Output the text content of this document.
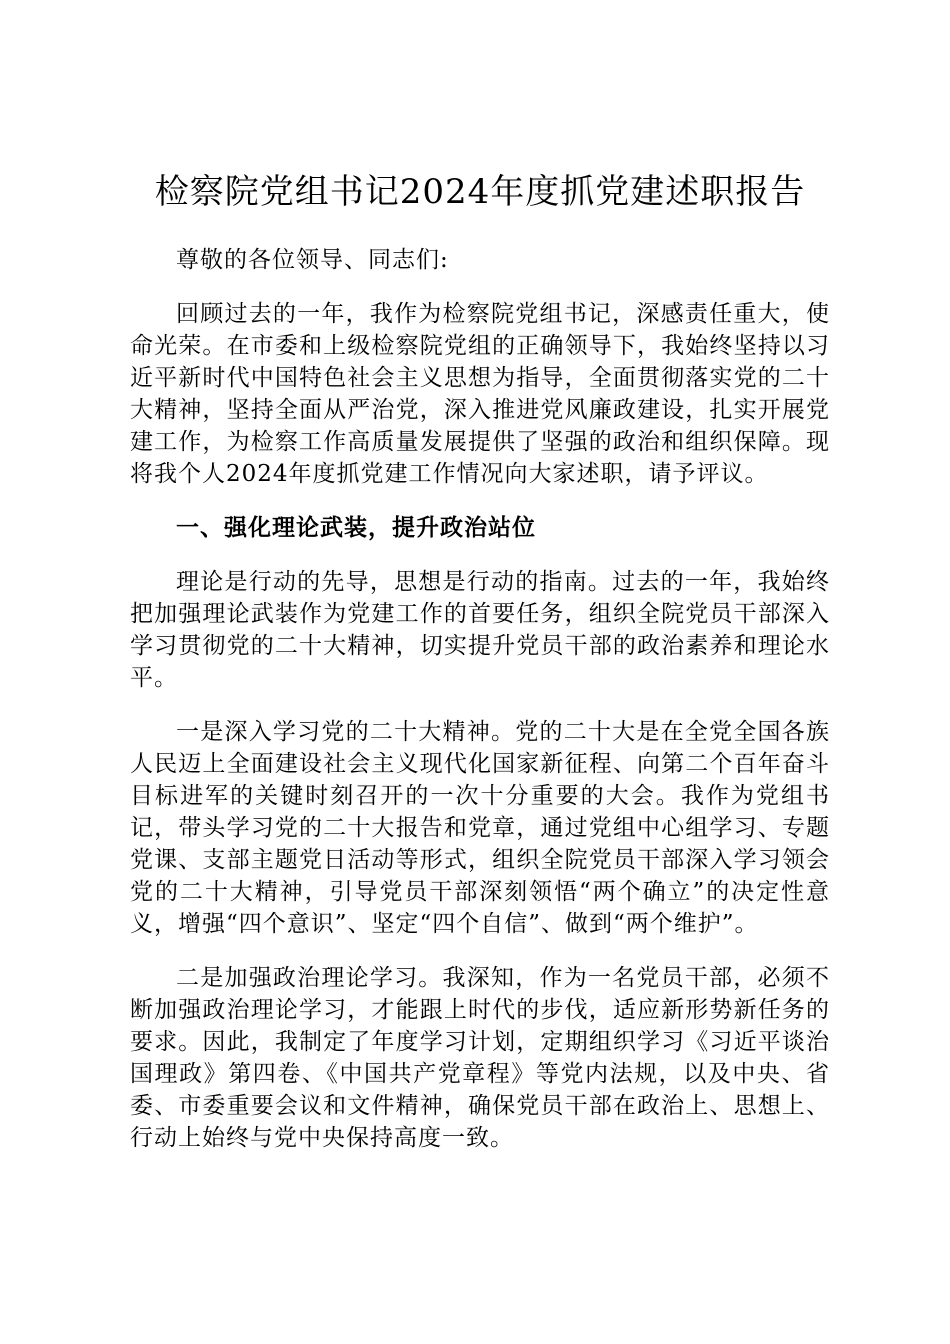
检察院党组书记2024年度抓党建述职报告

尊敬的各位领导、同志们:

回顾过去的一年，我作为检察院党组书记，深感责任重大，使命光荣。在市委和上级检察院党组的正确领导下，我始终坚持以习近平新时代中国特色社会主义思想为指导，全面贯彻落实党的二十大精神，坚持全面从严治党，深入推进党风廉政建设，扎实开展党建工作，为检察工作高质量发展提供了坚强的政治和组织保障。现将我个人2024年度抓党建工作情况向大家述职，请予评议。

一、强化理论武装，提升政治站位

理论是行动的先导，思想是行动的指南。过去的一年，我始终把加强理论武装作为党建工作的首要任务，组织全院党员干部深入学习贯彻党的二十大精神，切实提升党员干部的政治素养和理论水平。

一是深入学习党的二十大精神。党的二十大是在全党全国各族人民迈上全面建设社会主义现代化国家新征程、向第二个百年奋斗目标进军的关键时刻召开的一次十分重要的大会。我作为党组书记，带头学习党的二十大报告和党章，通过党组中心组学习、专题党课、支部主题党日活动等形式，组织全院党员干部深入学习领会党的二十大精神，引导党员干部深刻领悟“两个确立”的决定性意义，增强“四个意识”、坚定“四个自信”、做到“两个维护”。

二是加强政治理论学习。我深知，作为一名党员干部，必须不断加强政治理论学习，才能跟上时代的步伐，适应新形势新任务的要求。因此，我制定了年度学习计划，定期组织学习《习近平谈治国理政》第四卷、《中国共产党章程》等党内法规，以及中央、省委、市委重要会议和文件精神，确保党员干部在政治上、思想上、行动上始终与党中央保持高度一致。
